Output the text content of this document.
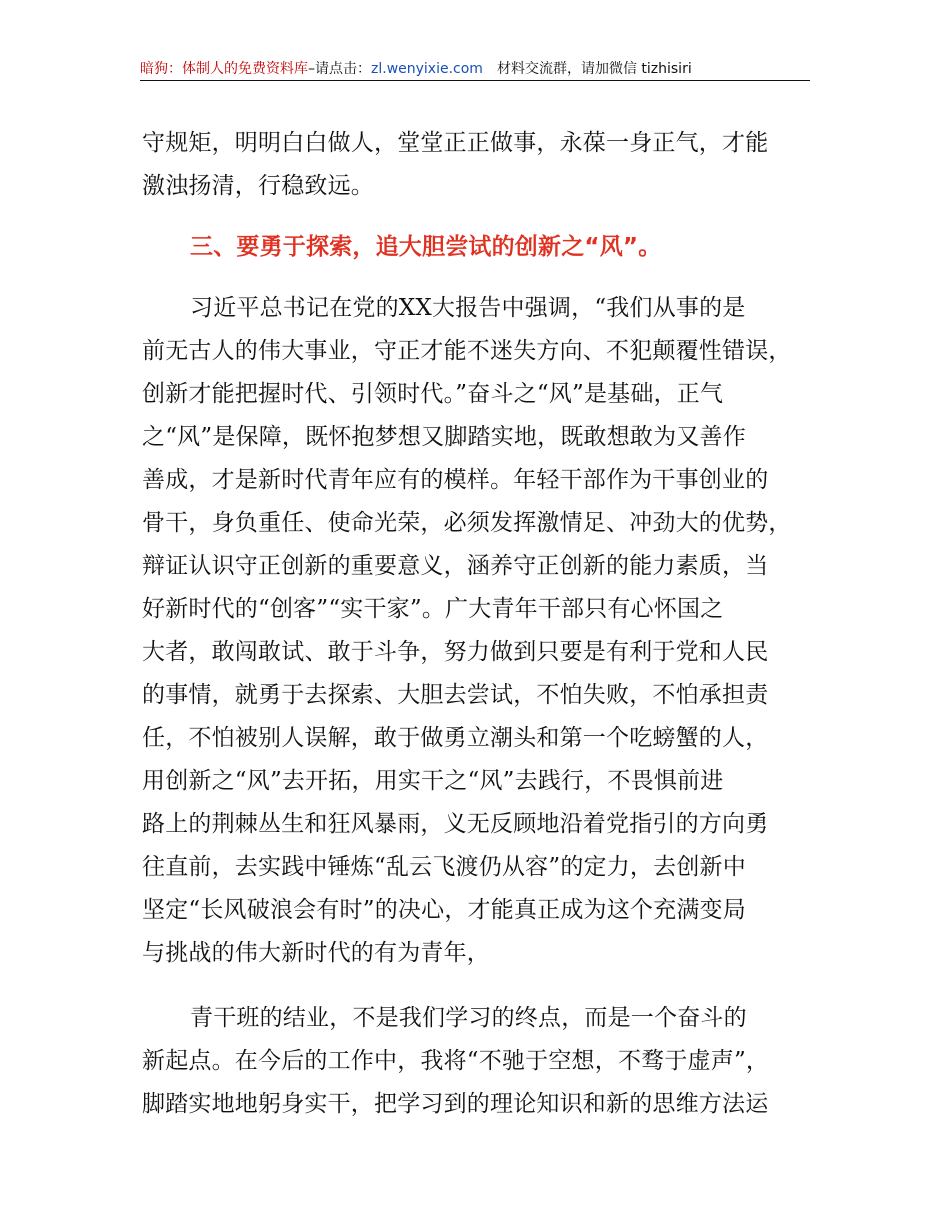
暗狗：体制人的免费资料库–请点击：zl.wenyixie.com 材料交流群，请加微信 tizhisiri
守规矩，明明白白做人，堂堂正正做事，永葆一身正气，才能
激浊扬清，行稳致远。
三、要勇于探索，追大胆尝试的创新之“风”。
习近平总书记在党的XX大报告中强调，“我们从事的是
前无古人的伟大事业，守正才能不迷失方向、不犯颠覆性错误，
创新才能把握时代、引领时代。”奋斗之“风”是基础，正气
之“风”是保障，既怀抱梦想又脚踏实地，既敢想敢为又善作
善成，才是新时代青年应有的模样。年轻干部作为干事创业的
骨干，身负重任、使命光荣，必须发挥激情足、冲劲大的优势，
辩证认识守正创新的重要意义，涵养守正创新的能力素质，当
好新时代的“创客”“实干家”。广大青年干部只有心怀国之
大者，敢闯敢试、敢于斗争，努力做到只要是有利于党和人民
的事情，就勇于去探索、大胆去尝试，不怕失败，不怕承担责
任，不怕被别人误解，敢于做勇立潮头和第一个吃螃蟹的人，
用创新之“风”去开拓，用实干之“风”去践行，不畏惧前进
路上的荆棘丛生和狂风暴雨，义无反顾地沿着党指引的方向勇
往直前，去实践中锤炼“乱云飞渡仍从容”的定力，去创新中
坚定“长风破浪会有时”的决心，才能真正成为这个充满变局
与挑战的伟大新时代的有为青年，
青干班的结业，不是我们学习的终点，而是一个奋斗的
新起点。在今后的工作中，我将“不驰于空想，不骛于虚声”，
脚踏实地地躬身实干，把学习到的理论知识和新的思维方法运
